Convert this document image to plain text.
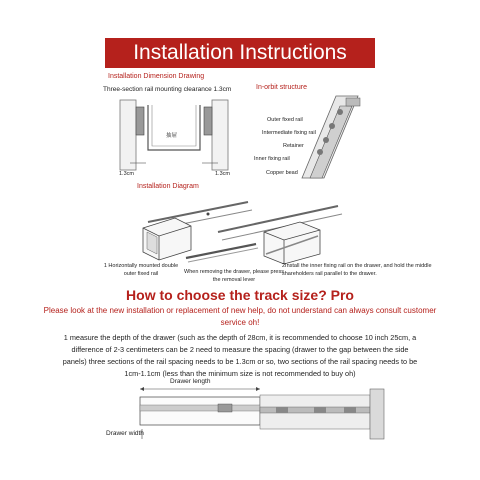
Installation Instructions
Installation Dimension Drawing
Three-section rail mounting clearance 1.3cm
抽屉
1.3cm	1.3cm
In-orbit structure
Outer fixed rail
Intermediate fixing rail
Retainer
Inner fixing rail
Copper bead
Installation Diagram
1 Horizontally mounted double outer fixed rail	When removing the drawer, please press the removal lever
2Install the inner fixing rail on the drawer, and hold the middle shareholders rail parallel to the drawer.
How to choose the track size? Pro
Please look at the new installation or replacement of new help, do not understand can always consult customer service oh!
1 measure the depth of the drawer (such as the depth of 28cm, it is recommended to choose 10 inch 25cm, a difference of 2-3 centimeters can be 2 need to measure the spacing (drawer to the gap between the side panels) three sections of the rail spacing needs to be 1.3cm or so, two sections of the rail spacing needs to be 1cm-1.1cm (less than the minimum size is not recommended to buy oh)
Drawer length
Drawer width
